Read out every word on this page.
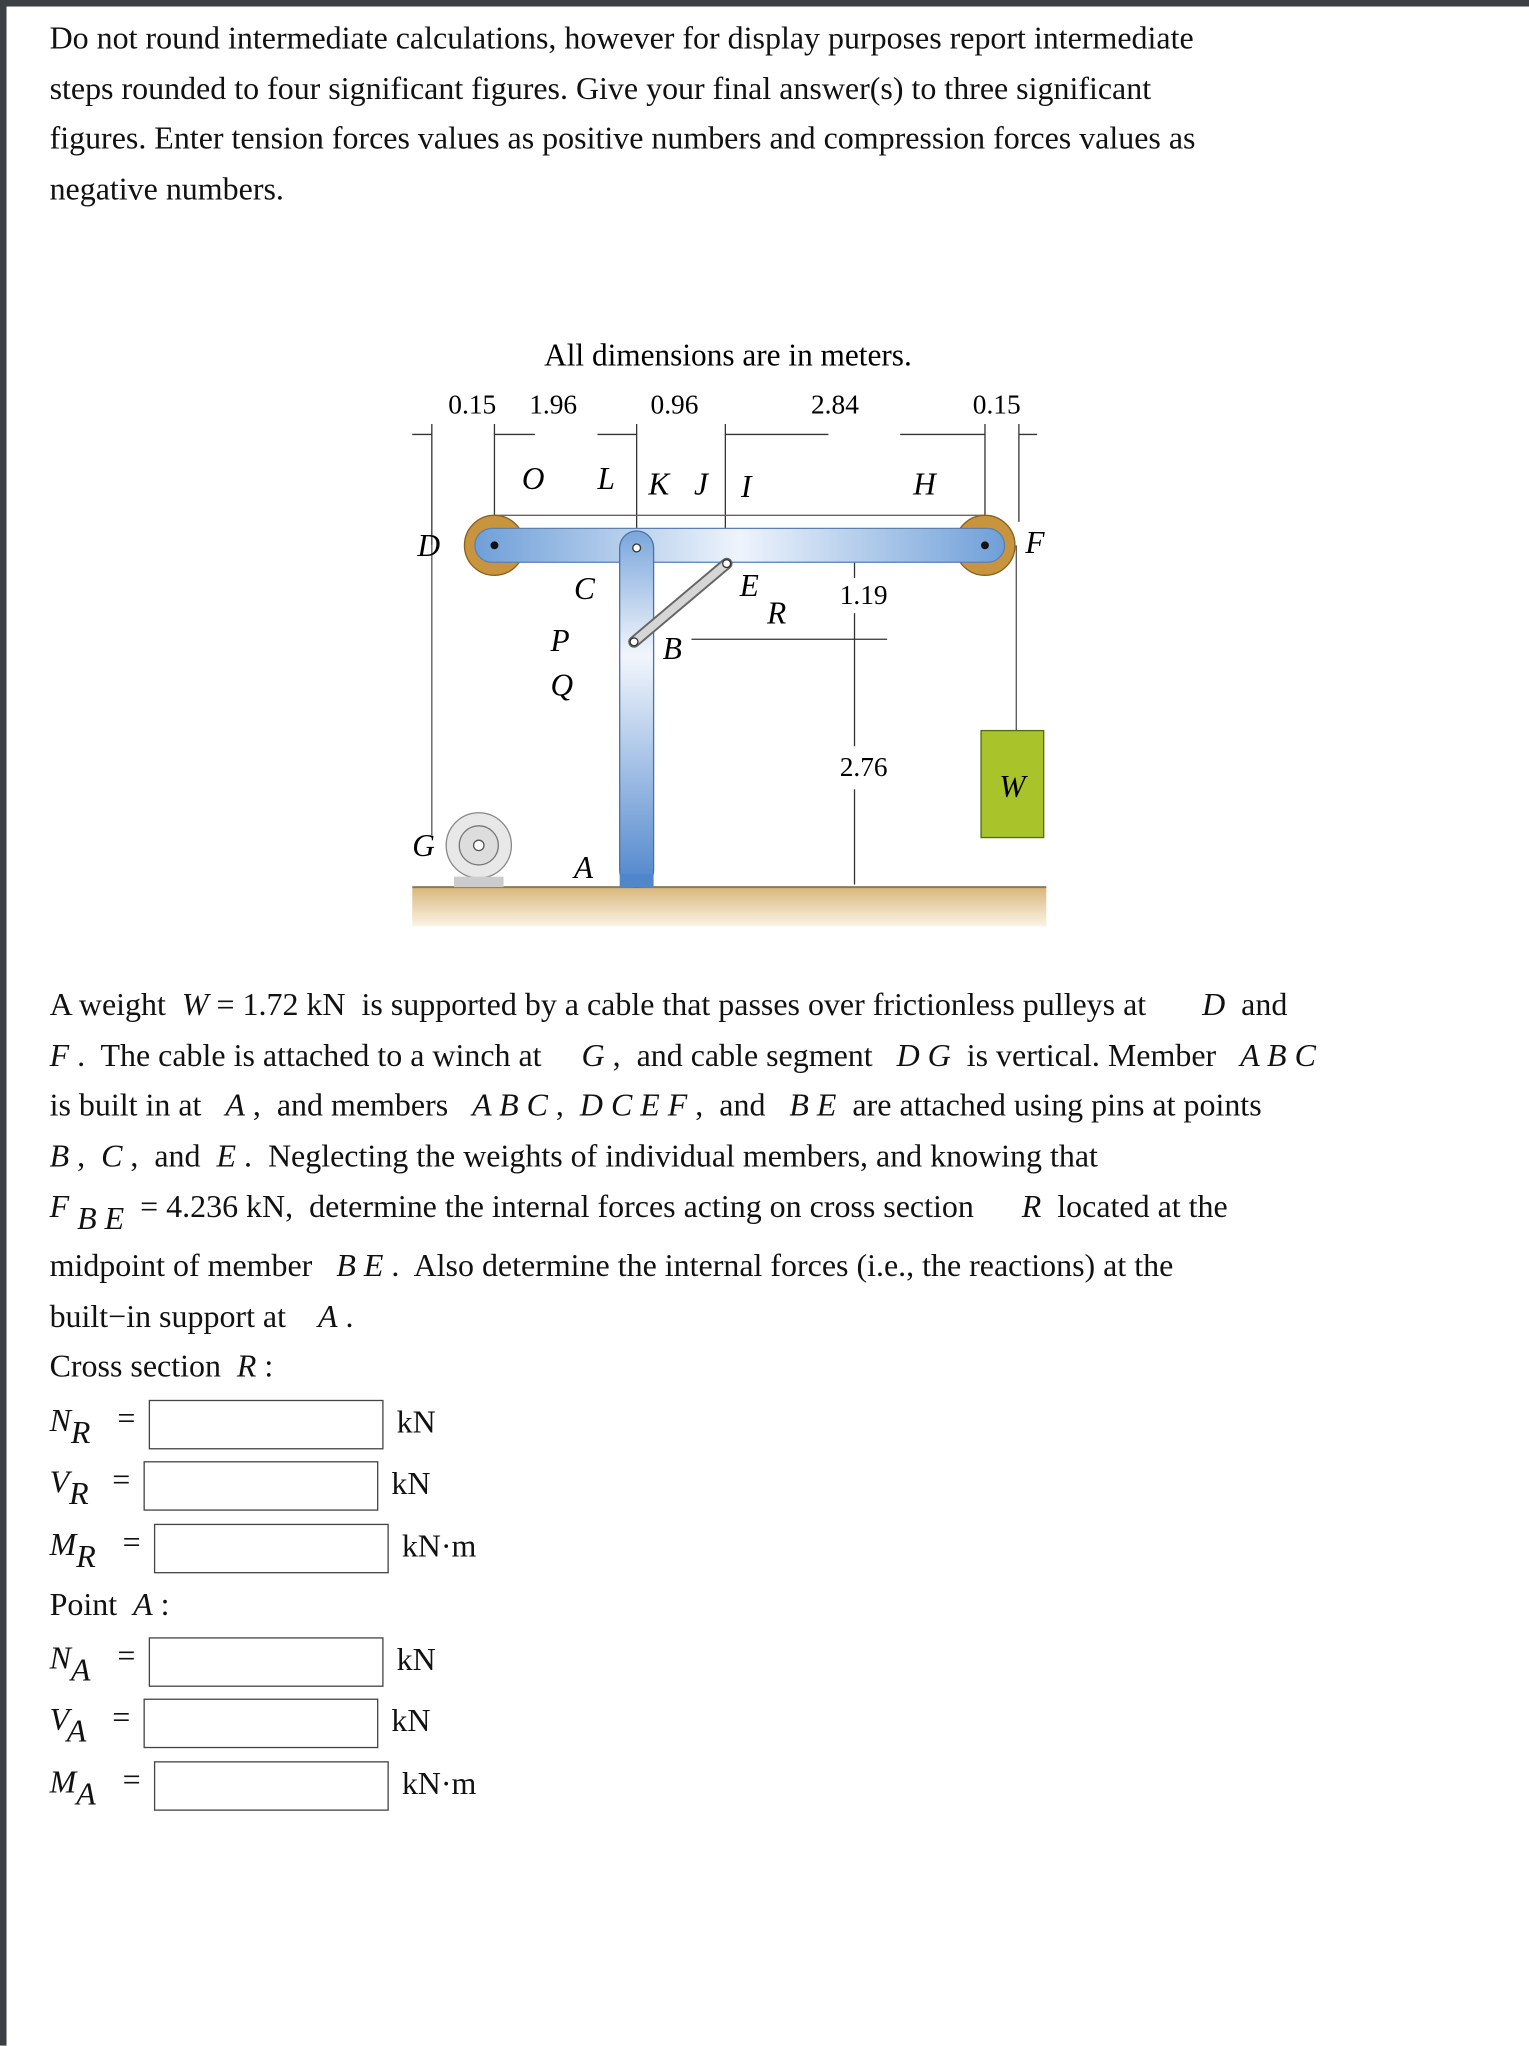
Do not round intermediate calculations, however for display purposes report intermediate
steps rounded to four significant figures. Give your final answer(s) to three significant
figures. Enter tension forces values as positive numbers and compression forces values as
negative numbers.
All dimensions are in meters.
0.15 1.96	0.96	2.84	0.15
1.19
2.76
O L K J I	H
D	F
C	E
R
P	B
Q
G
A
W
A weight  W = 1.72 kN  is supported by a cable that passes over frictionless pulleys at       D  and
F .  The cable is attached to a winch at     G ,  and cable segment   D G  is vertical. Member   A B C
is built in at   A ,  and members   A B C ,  D C E F ,  and   B E  are attached using pins at points
B ,  C ,  and  E .  Neglecting the weights of individual members, and knowing that
F B E  = 4.236 kN,  determine the internal forces acting on cross section      R  located at the
midpoint of member   B E .  Also determine the internal forces (i.e., the reactions) at the
built−in support at    A .
Cross section  R :
Point  A :
NR =	kN
VR =	kN
MR =	kN·m
NA =	kN
VA =	kN
MA =	kN·m
